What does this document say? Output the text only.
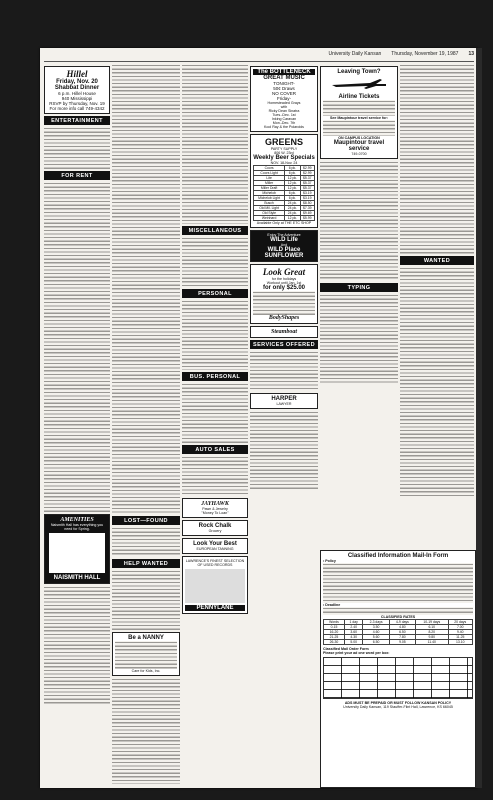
University Daily Kansan Thursday, November 19, 1987 13
Hillel
Friday, Nov. 20
Shabbat Dinner
6 p.m. Hillel House
940 Mississippi
RSVP by Thursday, Nov. 19
For more info call 749-4342
ENTERTAINMENT
FOR RENT
AMENITIES
Naismith Hall has everything you need for Spring.
NAISMITH HALL
LOST—FOUND
HELP WANTED
Be a NANNY
Care for Kids, Inc.
MISCELLANEOUS
PERSONAL
BUS. PERSONAL
AUTO SALES
JAYHAWK
Pawn & Jewelry
"Money To Loan"
Rock Chalk
Grocery
Look Your Best
EUROPEAN TANNING
LAWRENCE'S FINEST SELECTION OF USED RECORDS
PENNYLANE
The BOTTLENECK
GREAT MUSIC
TONIGHT-
50¢ Draws
NO COVER
Friday-
Homesteaded Grays
with
Ricky Dean Sinatra
Tues.-Dec. 1st
Inking Caravan
Mon.-Dec. 7th
Kool Ray & the Polaroids
GREENS
PARTY SUPPLY
806 W. 23rd
Weekly Beer Specials
NOV. 18-Nov. 24
Coors	6 pk.	$2.99
Coors Light	6 pk.	$2.99
Lite	12 pk.	$5.37
Miller	12 pk.	$5.37
Miller Draft	12 pk.	$5.37
Michelob	6 pk.	$3.19
Michelob Light	6 pk.	$3.19
Busch	24 pk.	$8.50
Old Mil. Light	24 pk.	$7.39
Old Style	24 pk.	$9.69
Weinhard	12 pk.	$5.99
Available Only at THE ETC SHOP
Enjoy The Adventure
WILD Life
And
WILD Place
SUNFLOWER
Look Great
for the holidays
Workout until Jan. 1st
for only $25.00
BodyShapes
Steamboat
SERVICES OFFERED
HARPER
LAWYER
Leaving Town?
Airline Tickets
See Maupintour travel service for:
ON CAMPUS LOCATION
Maupintour travel service
749-0700
TYPING
WANTED
Classified Information Mail-In Form
• Policy
• Deadline
CLASSIFIED RATES
Words	1 day	2-3 days	4-9 days	10-19 days	20 days
0-15	2.40	3.50	4.80	6.10	7.00
16-20	3.60	4.60	6.50	8.20	9.40
21-25	4.30	5.60	7.80	9.80	11.25
26-30	5.00	6.50	9.05	11.40	13.10
Classified Mail Order Form
Please print your ad one word per box:
ADS MUST BE PREPAID OR MUST FOLLOW KANSAN POLICY
University Daily Kansan, 119 Stauffer-Flint Hall, Lawrence, KS 66045
